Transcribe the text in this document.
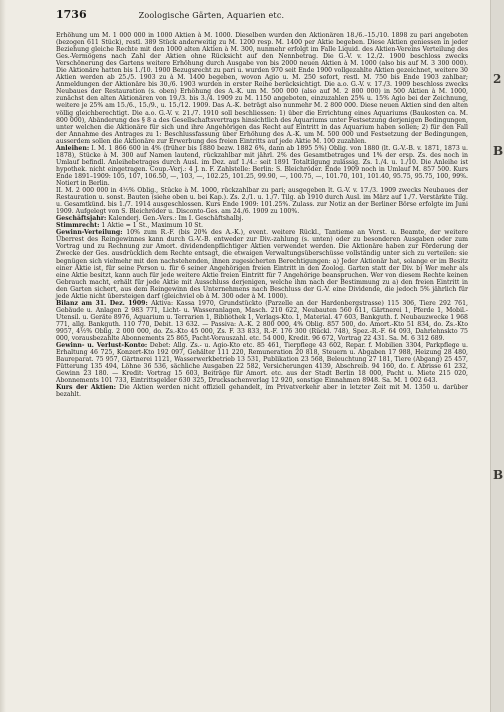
1736	Zoologische Gärten, Aquarien etc.

Erhöhung um M. 1 000 000 in 1000 Aktien à M. 1000. Dieselben wurden den Aktionären 18./6.–15./10. 1898 zu pari angeboten (bezogen 611 Stück), restl. 389 Stück anderweitig zu M. 1200 resp. M. 1400 per Aktie begeben. Diese Aktien geniessen in jeder Beziehung gleiche Rechte mit den 1000 alten Aktien à M. 300, nunmehr erfolgt im Falle Liquid. des Aktien-Vereins Verteilung des Ges.-Vermögens nach Zahl der Aktien ohne Rücksicht auf den Nennbetrag. Die G.-V. v. 12./2. 1900 beschloss zwecks Verschönerung des Gartens weitere Erhöhung durch Ausgabe von bis 2000 neuen Aktien à M. 1000 (also bis auf M. 3 300 000). Die Aktionäre hatten bis 1./10. 1900 Bezugsrecht zu pari u. wurden 970 seit Ende 1900 vollgezahlte Aktien gezeichnet, weitere 30 Aktien werden ab 25./5. 1903 zu à M. 1400 begeben, wovon Agio u. M. 250 sofort, restl. M. 750 bis Ende 1903 zahlbar; Anmeldungen der Aktionäre bis 30./6. 1903 wurden in erster Reihe berücksichtigt. Die a.o. G.-V. v. 17./3. 1909 beschloss zwecks Neubaues der Restauration (s. oben) Erhöhung des A.-K. um M. 500 000 (also auf M. 2 800 000) in 500 Aktien à M. 1000, zunächst den alten Aktionären von 19./3. bis 3./4. 1909 zu M. 1150 angeboten, einzuzahlen 25% u. 15% Agio bei der Zeichnung, weitere je 25% am 15./6., 15./9., u. 15./12. 1909. Das A.-K. beträgt also nunmehr M. 2 800 000. Diese neuen Aktien sind den alten völlig gleichberechtigt. Die a.o. G.-V. v. 21./7. 1910 soll beschliessen: 1) über die Errichtung eines Aquariums (Baukosten ca. M. 800 000), Abänderung des § 8 a des Gesellschaftsvertrags hinsichtlich des Aquariums unter Festsetzung derjenigen Bedingungen, unter welchen die Aktionäre für sich und ihre Angehörigen das Recht auf Eintritt in das Aquarium haben sollen; 2) für den Fall der Annahme des Antrages zu 1: Beschlussfassung über Erhöhung des A.-K. um M. 500 000 und Festsetzung der Bedingungen, ausserdem sollen die Aktionäre zur Erwerbung des freien Eintritts auf jede Aktie M. 100 zuzahlen.

Anleihen: I. M. 1 866 600 in 4% (früher bis 1880 bezw. 1882 6%, dann ab 1895 5%) Oblig. von 1880 (lt. G.-V.-B. v. 1871, 1873 u. 1878), Stücke à M. 300 auf Namen lautend, rückzahlbar mit jährl. 2% des Gesamtbetrages und 1% der ersp. Zs. des noch in Umlauf befindl. Anleihebetrages durch Ausl. im Dez. auf 1./4.: seit 1891 Totaltilgung zulässig. Zs. 1./4. u. 1./10. Die Anleihe ist hypothek. nicht eingetragen. Coup.-Verj.: 4 J. n. F. Zahlstelle: Berlin: S. Bleichröder. Ende 1909 noch in Umlauf M. 857 500. Kurs Ende 1891–1909: 105, 107, 106.50, —, 103, —, 102.25, 101.25, 99.90, —, 100.75, —, 101.70, 101, 101.40, 95.75, 95.75, 100, 99%. Notiert in Berlin.

II. M. 2 000 000 in 4½% Oblig., Stücke à M. 1000, rückzahlbar zu pari; ausgegeben lt. G.-V. v. 17./3. 1909 zwecks Neubaues der Restauration u. sonst. Bauten (siehe oben u. bei Kap.). Zs. 2./1. u. 1./7. Tilg. ab 1910 durch Ausl. im März auf 1./7. Verstärkte Tilg. u. Gesamtkünd. bis 1./7. 1914 ausgeschlossen. Kurs Ende 1909: 101.25%. Zulass. zur Notiz an der Berliner Börse erfolgte im Juni 1909. Aufgelegt von S. Bleichröder u. Disconto-Ges. am 24./6. 1909 zu 100%.

Geschäftsjahr: Kalenderj. Gen.-Vers.: Im I. Geschäftshalbj.

Stimmrecht: 1 Aktie = 1 St., Maximum 10 St.

Gewinn-Verteilung: 10% zum R.-F. (bis 20% des A.-K.), event. weitere Rückl., Tantieme an Vorst. u. Beamte, der weitere Überrest des Reingewinnes kann durch G.-V.-B. entweder zur Div.-zahlung (s. unten) oder zu besonderen Ausgaben oder zum Vortrag und zu Rechnung zur Amort. dividendenpflichtiger Aktien verwendet werden. Die Aktionäre haben zur Förderung der Zwecke der Ges. ausdrücklich dem Rechte entsagt, die etwaigen Verwaltungsüberschüsse vollständig unter sich zu verteilen: sie begnügen sich vielmehr mit den nachstehenden, ihnen zugesicherten Berechtigungen: a) Jeder Aktionär hat, solange er im Besitz einer Aktie ist, für seine Person u. für 6 seiner Angehörigen freien Eintritt in den Zoolog. Garten statt der Div. b) Wer mehr als eine Aktie besitzt, kann auch für jede weitere Aktie freien Eintritt für 7 Angehörige beanspruchen. Wer von diesem Rechte keinen Gebrauch macht, erhält für jede Aktie mit Ausschluss derjenigen, welche ihm nach der Bestimmung zu a) den freien Eintritt in den Garten sichert, aus dem Reingewinn des Unternehmens nach Beschluss der G.-V. eine Dividende, die jedoch 5% jährlich für jede Aktie nicht übersteigen darf (gleichviel ob à M. 300 oder à M. 1000).

Bilanz am 31. Dez. 1909: Aktiva: Kassa 1970, Grundstückto (Parzelle an der Hardenbergstrasse) 115 306, Tiere 292 761, Gebäude u. Anlagen 2 983 771, Licht- u. Wasseranlagen, Masch. 210 622, Neubauten 560 611, Gärtnerei 1, Pferde 1, Mobil.-Utensil. u. Geräte 8976, Aquarium u. Terrarien 1, Bibliothek 1, Verlags-Kto. 1, Material. 47 603, Bankguth. f. Neubauzwecke 1 968 771, allg. Bankguth. 110 770, Debit. 13 632. — Passiva: A.-K. 2 800 000, 4% Oblig. 857 500, do. Amort.-Kto 51 834, do. Zs.-Kto 9957, 4½% Oblig. 2 000 000, do. Zs.-Kto 45 000, Zs. F. 33 833, R.-F. 176 300 (Rückl. 748), Spez.-R.-F. 64 093, Dahrlehnskto 75 000, vorausbezahlte Abonnements 25 865, Pacht-Vorauszahl. etc. 54 000, Kredit. 96 672, Vortrag 22 431. Sa. M. 6 312 689.

Gewinn- u. Verlust-Konto: Debet: Allg. Zs.- u. Agio-Kto etc. 85 461, Tierpflege 43 602, Repar. f. Mobilien 3304, Parkpflege u. Erhaltung 46 725, Konzert-Kto 192 097, Gehälter 111 220, Remuneration 20 818, Steuern u. Abgaben 17 988, Heizung 28 480, Baureparat. 75 957, Gärtnerei 1121, Wasserwerkbetrieb 13 531, Publikation 23 568, Beleuchtung 27 181, Tiere (Abgang) 25 457, Fütterung 135 494, Löhne 36 536, sächliche Ausgaben 22 582, Versicherungen 4139, Abschreib. 94 160, do. f. Abrisse 61 232, Gewinn 23 180. — Kredit: Vortrag 15 603, Beiträge für Amort. etc. aus der Stadt Berlin 18 000, Pacht u. Miete 215 020, Abonnements 101 733, Eintrittsgelder 630 325, Drucksachenverlag 12 920, sonstige Einnahmen 8948. Sa. M. 1 002 643.

Kurs der Aktien: Die Aktien werden nicht offiziell gehandelt, im Privatverkehr aber in letzter Zeit mit M. 1350 u. darüber bezahlt.

2
B
B
